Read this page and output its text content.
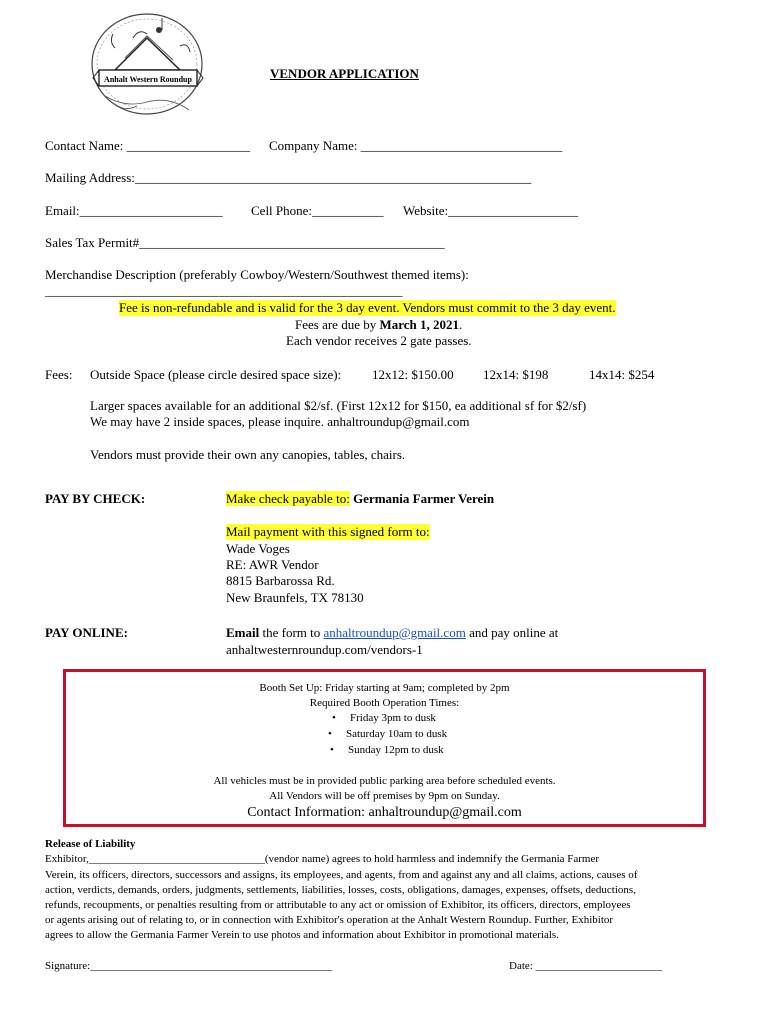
Anhalt Western Roundup	VENDOR APPLICATION
Contact Name: ___________________ Company Name: _______________________________
Mailing Address:_____________________________________________________________
Email:______________________ Cell Phone:___________ Website:____________________
Sales Tax Permit#_______________________________________________
Merchandise Description (preferably Cowboy/Western/Southwest themed items):
_______________________________________________________
Fee is non-refundable and is valid for the 3 day event. Vendors must commit to the 3 day event.
Fees are due by March 1, 2021.
Each vendor receives 2 gate passes.
Fees: Outside Space (please circle desired space size): 12x12: $150.00 12x14: $198	14x14: $254
Larger spaces available for an additional $2/sf. (First 12x12 for $150, ea additional sf for $2/sf)
We may have 2 inside spaces, please inquire. anhaltroundup@gmail.com
Vendors must provide their own any canopies, tables, chairs.
PAY BY CHECK:	Make check payable to: Germania Farmer Verein
Mail payment with this signed form to:
Wade Voges
RE: AWR Vendor
8815 Barbarossa Rd.
New Braunfels, TX 78130
PAY ONLINE:	Email the form to anhaltroundup@gmail.com and pay online at
anhaltwesternroundup.com/vendors-1
Booth Set Up: Friday starting at 9am; completed by 2pm
Required Booth Operation Times:
• Friday 3pm to dusk
• Saturday 10am to dusk
• Sunday 12pm to dusk
All vehicles must be in provided public parking area before scheduled events.
All Vendors will be off premises by 9pm on Sunday.
Contact Information: anhaltroundup@gmail.com
Release of Liability
Exhibitor,________________________________(vendor name) agrees to hold harmless and indemnify the Germania Farmer
Verein, its officers, directors, successors and assigns, its employees, and agents, from and against any and all claims, actions, causes of
action, verdicts, demands, orders, judgments, settlements, liabilities, losses, costs, obligations, damages, expenses, offsets, deductions,
refunds, recoupments, or penalties resulting from or attributable to any act or omission of Exhibitor, its officers, directors, employees
or agents arising out of relating to, or in connection with Exhibitor's operation at the Anhalt Western Roundup. Further, Exhibitor
agrees to allow the Germania Farmer Verein to use photos and information about Exhibitor in promotional materials.
Signature:____________________________________________	Date: _______________________
